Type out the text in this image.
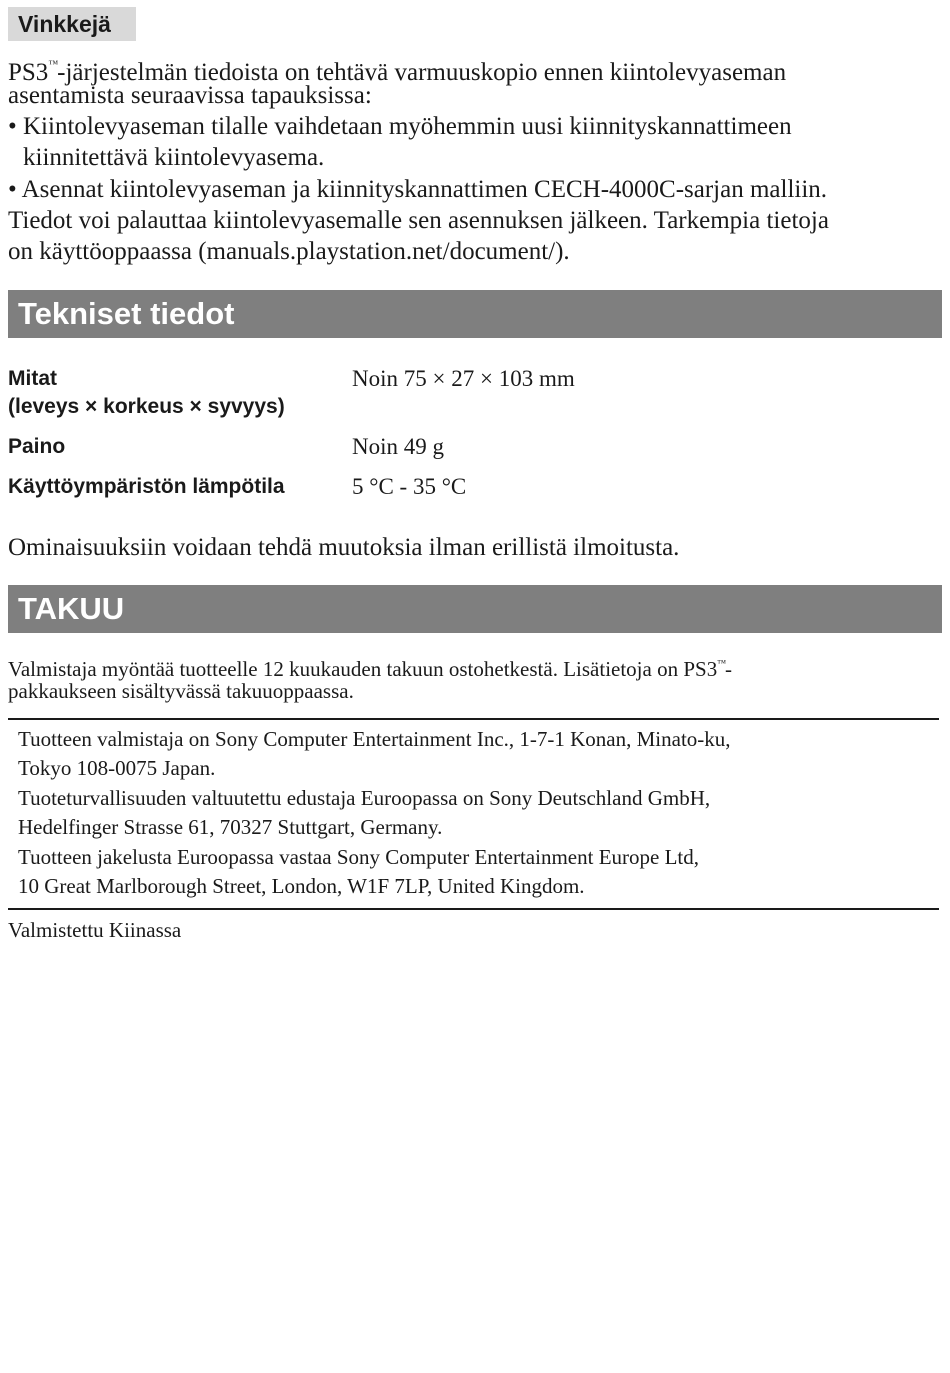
Vinkkejä
PS3™-järjestelmän tiedoista on tehtävä varmuuskopio ennen kiintolevyaseman
asentamista seuraavissa tapauksissa:
• Kiintolevyaseman tilalle vaihdetaan myöhemmin uusi kiinnityskannattimeen
kiinnitettävä kiintolevyasema.
• Asennat kiintolevyaseman ja kiinnityskannattimen CECH-4000C-sarjan malliin.
Tiedot voi palauttaa kiintolevyasemalle sen asennuksen jälkeen. Tarkempia tietoja
on käyttöoppaassa (manuals.playstation.net/document/).
Tekniset tiedot
Mitat
(leveys × korkeus × syvyys)
Noin 75 × 27 × 103 mm
Paino	Noin 49 g
Käyttöympäristön lämpötila	5 °C - 35 °C
Ominaisuuksiin voidaan tehdä muutoksia ilman erillistä ilmoitusta.
TAKUU
Valmistaja myöntää tuotteelle 12 kuukauden takuun ostohetkestä. Lisätietoja on PS3™-
pakkaukseen sisältyvässä takuuoppaassa.
Tuotteen valmistaja on Sony Computer Entertainment Inc., 1-7-1 Konan, Minato-ku,
Tokyo 108-0075 Japan.
Tuoteturvallisuuden valtuutettu edustaja Euroopassa on Sony Deutschland GmbH,
Hedelfinger Strasse 61, 70327 Stuttgart, Germany.
Tuotteen jakelusta Euroopassa vastaa Sony Computer Entertainment Europe Ltd,
10 Great Marlborough Street, London, W1F 7LP, United Kingdom.
Valmistettu Kiinassa
